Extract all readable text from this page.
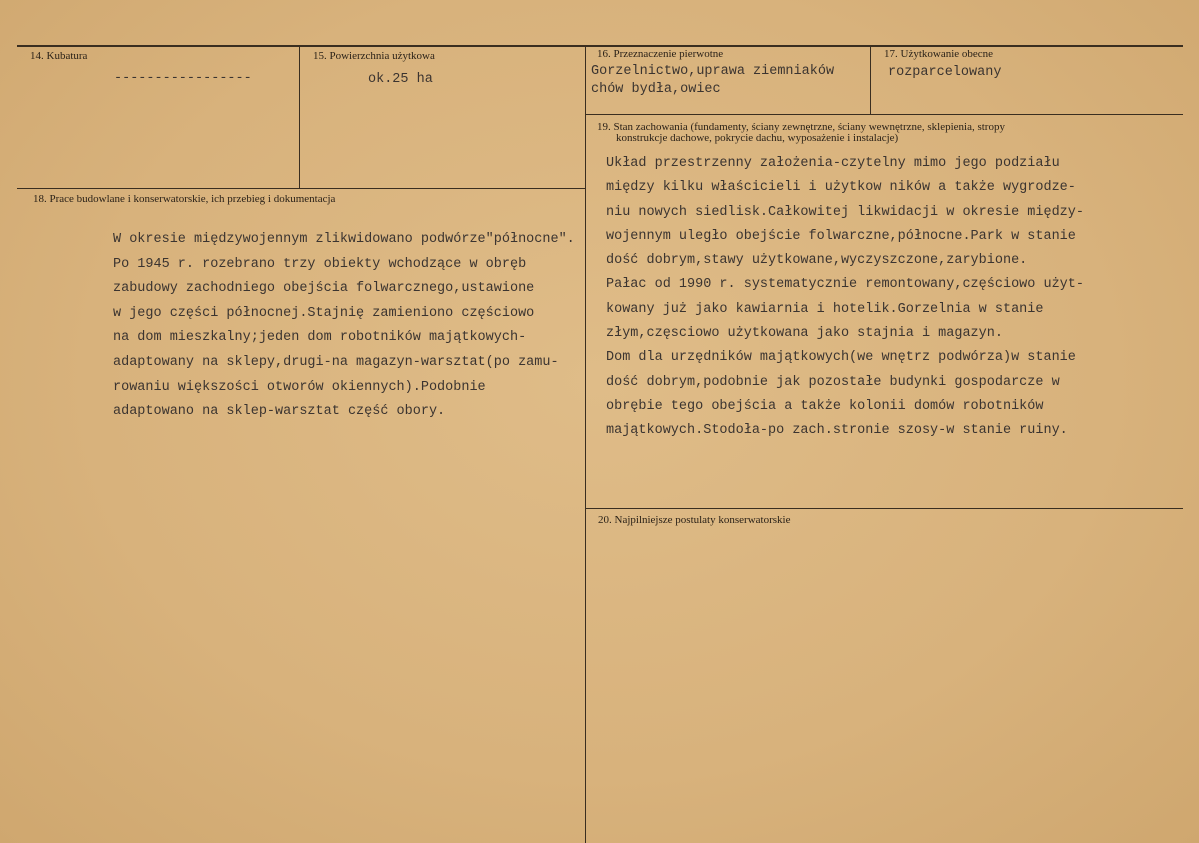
14. Kubatura
-----------------
15. Powierzchnia użytkowa
ok.25 ha
16. Przeznaczenie pierwotne
Gorzelnictwo,uprawa ziemniaków
chów bydła,owiec
17. Użytkowanie obecne
rozparcelowany
19. Stan zachowania (fundamenty, ściany zewnętrzne, ściany wewnętrzne, sklepienia, stropy
konstrukcje dachowe, pokrycie dachu, wyposażenie i instalacje)
Układ przestrzenny założenia-czytelny mimo jego podziału
między kilku właścicieli i użytkow ników a także wygrodze-
niu nowych siedlisk.Całkowitej likwidacji w okresie między-
wojennym uległo obejście folwarczne,północne.Park w stanie
dość dobrym,stawy użytkowane,wyczyszczone,zarybione.
Pałac od 1990 r. systematycznie remontowany,częściowo użyt-
kowany już jako kawiarnia i hotelik.Gorzelnia w stanie
złym,częsciowo użytkowana jako stajnia i magazyn.
Dom dla urzędników majątkowych(we wnętrz podwórza)w stanie
dość dobrym,podobnie jak pozostałe budynki gospodarcze w
obrębie tego obejścia a także kolonii domów robotników
majątkowych.Stodoła-po zach.stronie szosy-w stanie ruiny.
18. Prace budowlane i konserwatorskie, ich przebieg i dokumentacja
W okresie międzywojennym zlikwidowano podwórze"północne".
Po 1945 r. rozebrano trzy obiekty wchodzące w obręb
zabudowy zachodniego obejścia folwarcznego,ustawione
w jego części północnej.Stajnię zamieniono częściowo
na dom mieszkalny;jeden dom robotników majątkowych-
adaptowany na sklepy,drugi-na magazyn-warsztat(po zamu-
rowaniu większości otworów okiennych).Podobnie
adaptowano na sklep-warsztat część obory.
20. Najpilniejsze postulaty konserwatorskie
